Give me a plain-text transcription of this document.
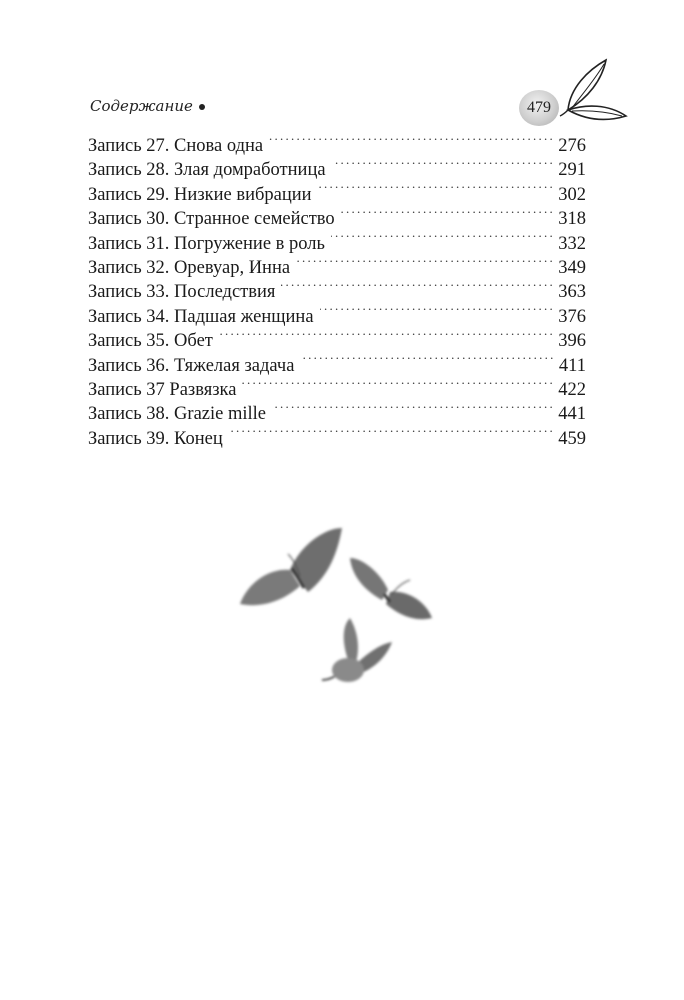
Содержание	479
Запись 27. Снова одна . . .	276
Запись 28. Злая домработница . . .	291
Запись 29. Низкие вибрации . . .	302
Запись 30. Странное семейство . . .	318
Запись 31. Погружение в роль . . .	332
Запись 32. Оревуар, Инна . . .	349
Запись 33. Последствия . . .	363
Запись 34. Падшая женщина . . .	376
Запись 35. Обет . . .	396
Запись 36. Тяжелая задача . . .	411
Запись 37 Развязка . . .	422
Запись 38. Grazie mille . . .	441
Запись 39. Конец . . .	459
